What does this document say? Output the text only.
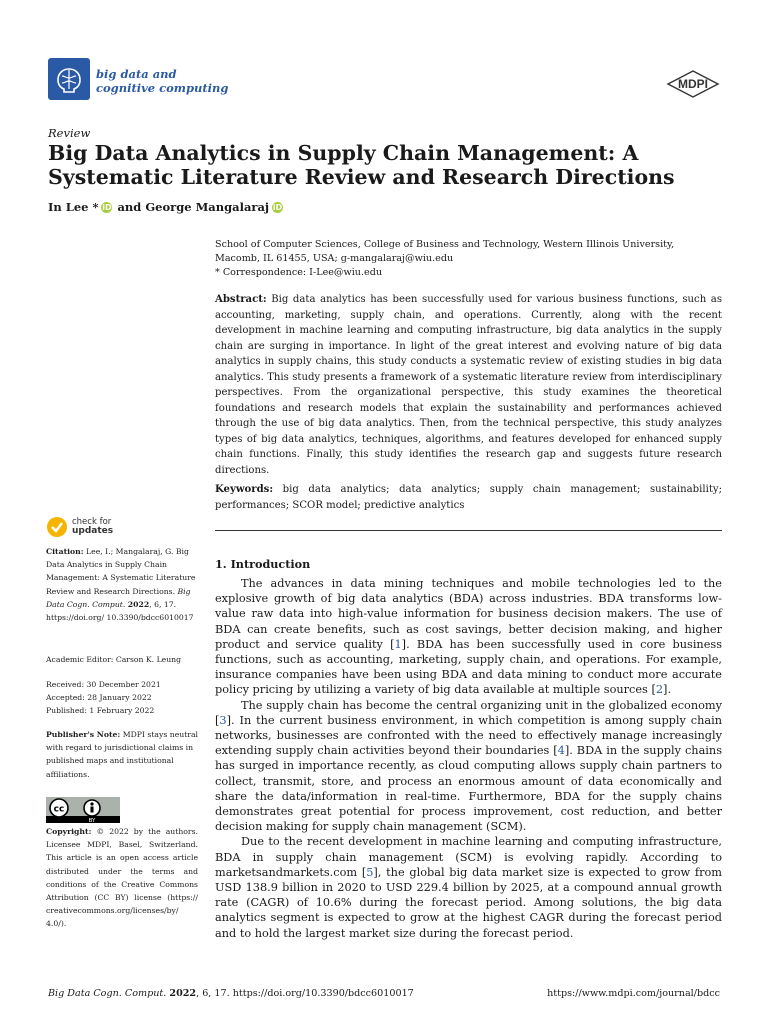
big data and
cognitive computing	MDPI
Review
Big Data Analytics in Supply Chain Management: A Systematic Literature Review and Research Directions
In Lee * iD and George Mangalaraj iD
School of Computer Sciences, College of Business and Technology, Western Illinois University,
Macomb, IL 61455, USA; g-mangalaraj@wiu.edu
* Correspondence: I-Lee@wiu.edu
Abstract: Big data analytics has been successfully used for various business functions, such as accounting, marketing, supply chain, and operations. Currently, along with the recent development in machine learning and computing infrastructure, big data analytics in the supply chain are surging in importance. In light of the great interest and evolving nature of big data analytics in supply chains, this study conducts a systematic review of existing studies in big data analytics. This study presents a framework of a systematic literature review from interdisciplinary perspectives. From the organizational perspective, this study examines the theoretical foundations and research models that explain the sustainability and performances achieved through the use of big data analytics. Then, from the technical perspective, this study analyzes types of big data analytics, techniques, algorithms, and features developed for enhanced supply chain functions. Finally, this study identifies the research gap and suggests future research directions.
Keywords: big data analytics; data analytics; supply chain management; sustainability; performances; SCOR model; predictive analytics
check for
updates
Citation: Lee, I.; Mangalaraj, G. Big Data Analytics in Supply Chain Management: A Systematic Literature Review and Research Directions. Big Data Cogn. Comput. 2022, 6, 17. https://doi.org/ 10.3390/bdcc6010017
Academic Editor: Carson K. Leung
Received: 30 December 2021
Accepted: 28 January 2022
Published: 1 February 2022
Publisher's Note: MDPI stays neutral with regard to jurisdictional claims in published maps and institutional affiliations.
cc
BY
Copyright: © 2022 by the authors. Licensee MDPI, Basel, Switzerland. This article is an open access article distributed under the terms and conditions of the Creative Commons Attribution (CC BY) license (https:// creativecommons.org/licenses/by/ 4.0/).
1. Introduction

The advances in data mining techniques and mobile technologies led to the explosive growth of big data analytics (BDA) across industries. BDA transforms low-value raw data into high-value information for business decision makers. The use of BDA can create benefits, such as cost savings, better decision making, and higher product and service quality [1]. BDA has been successfully used in core business functions, such as accounting, marketing, supply chain, and operations. For example, insurance companies have been using BDA and data mining to conduct more accurate policy pricing by utilizing a variety of big data available at multiple sources [2].

The supply chain has become the central organizing unit in the globalized economy [3]. In the current business environment, in which competition is among supply chain networks, businesses are confronted with the need to effectively manage increasingly extending supply chain activities beyond their boundaries [4]. BDA in the supply chains has surged in importance recently, as cloud computing allows supply chain partners to collect, transmit, store, and process an enormous amount of data economically and share the data/information in real-time. Furthermore, BDA for the supply chains demonstrates great potential for process improvement, cost reduction, and better decision making for supply chain management (SCM).

Due to the recent development in machine learning and computing infrastructure, BDA in supply chain management (SCM) is evolving rapidly. According to marketsandmarkets.com [5], the global big data market size is expected to grow from USD 138.9 billion in 2020 to USD 229.4 billion by 2025, at a compound annual growth rate (CAGR) of 10.6% during the forecast period. Among solutions, the big data analytics segment is expected to grow at the highest CAGR during the forecast period and to hold the largest market size during the forecast period.

Big Data Cogn. Comput. 2022, 6, 17. https://doi.org/10.3390/bdcc6010017	https://www.mdpi.com/journal/bdcc
